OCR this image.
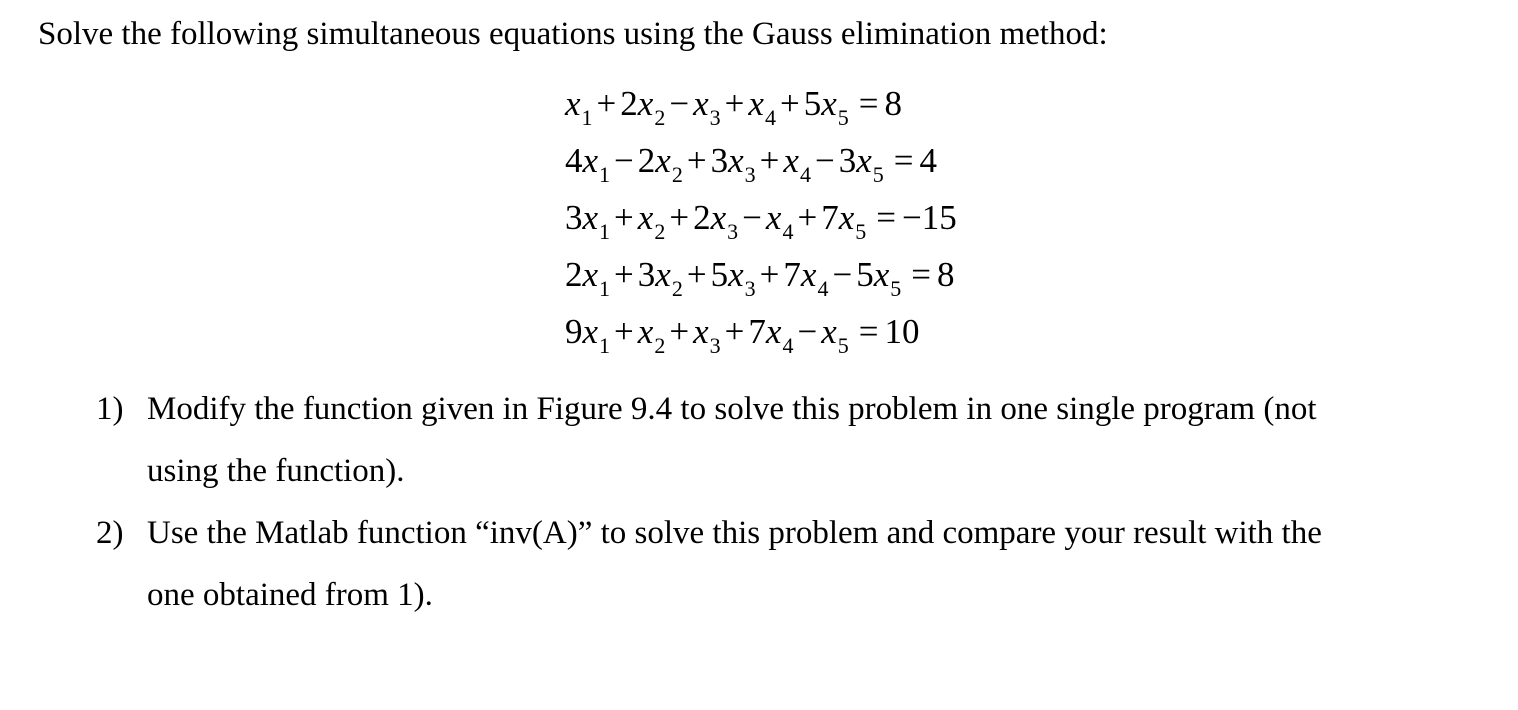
Solve the following simultaneous equations using the Gauss elimination method:
$x_1 + 2x_2 - x_3 + x_4 + 5x_5 = 8$
$4x_1 - 2x_2 + 3x_3 + x_4 - 3x_5 = 4$
$3x_1 + x_2 + 2x_3 - x_4 + 7x_5 = -15$
$2x_1 + 3x_2 + 5x_3 + 7x_4 - 5x_5 = 8$
$9x_1 + x_2 + x_3 + 7x_4 - x_5 = 10$
1) Modify the function given in Figure 9.4 to solve this problem in one single program (not
using the function).
2) Use the Matlab function “inv(A)” to solve this problem and compare your result with the
one obtained from 1).
